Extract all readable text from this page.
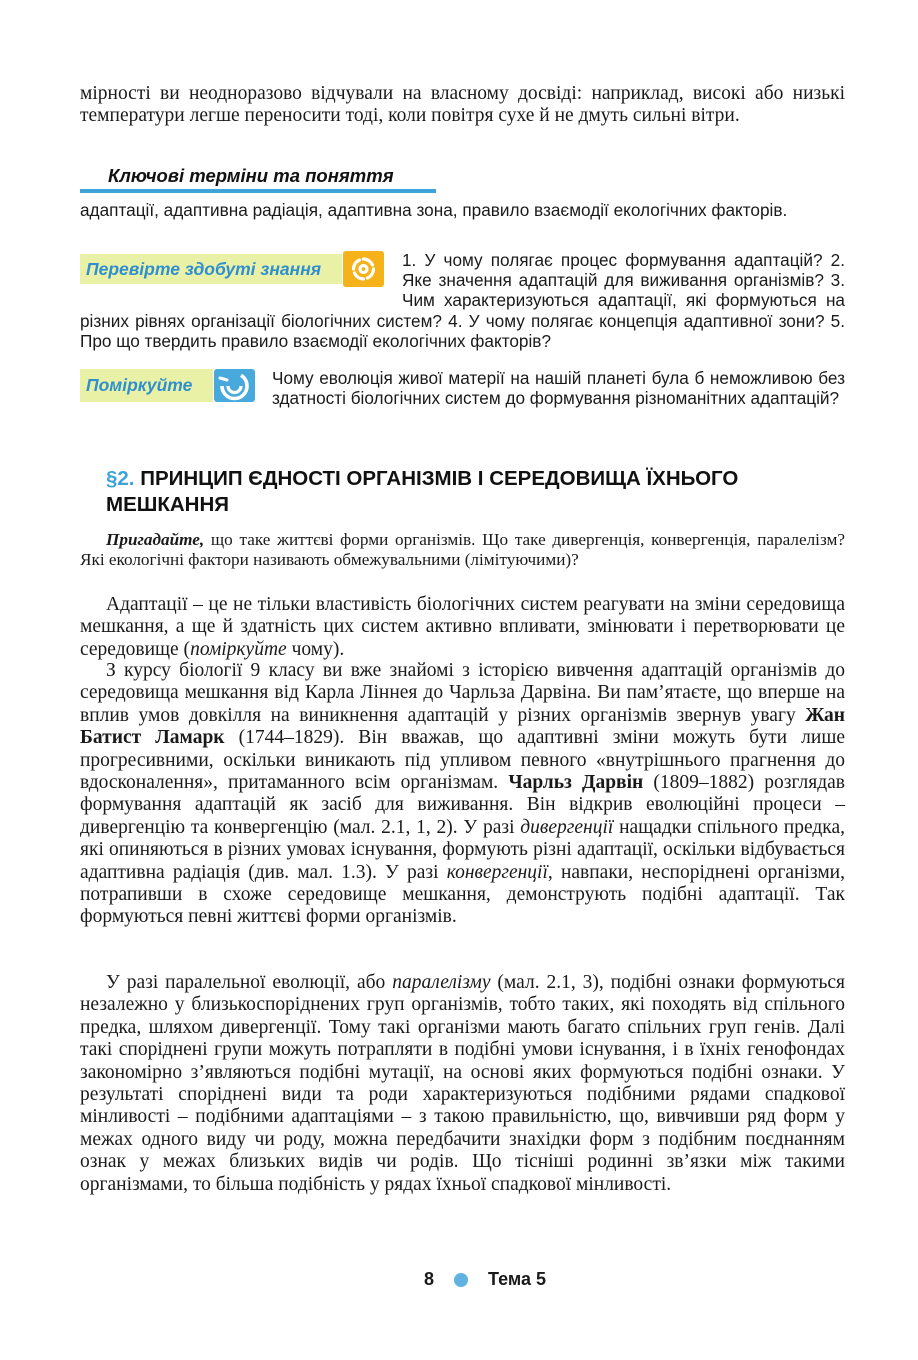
мірності ви неодноразово відчували на власному досвіді: наприклад, високі або низькі температури легше переносити тоді, коли повітря сухе й не дмуть сильні вітри.

Ключові терміни та поняття

адаптації, адаптивна радіація, адаптивна зона, правило взаємодії екологічних факторів.

Перевірте здобуті знання	1. У чому полягає процес формування адаптацій? 2. Яке значення адаптацій для виживання організмів? 3. Чим характеризуються адаптації, які формуються на різних рівнях організації біологічних систем? 4. У чому полягає концепція адаптивної зони? 5. Про що твердить правило взаємодії екологічних факторів?
Поміркуйте	Чому еволюція живої матерії на нашій планеті була б неможливою без здатності біологічних систем до формування різноманітних адаптацій?

§2. ПРИНЦИП ЄДНОСТІ ОРГАНІЗМІВ І СЕРЕДОВИЩА ЇХНЬОГО МЕШКАННЯ

Пригадайте, що таке життєві форми організмів. Що таке дивергенція, конвергенція, паралелізм? Які екологічні фактори називають обмежувальними (лімітуючими)?

Адаптації – це не тільки властивість біологічних систем реагувати на зміни середовища мешкання, а ще й здатність цих систем активно впливати, змінювати і перетворювати це середовище (поміркуйте чому).

З курсу біології 9 класу ви вже знайомі з історією вивчення адаптацій організмів до середовища мешкання від Карла Ліннея до Чарльза Дарвіна. Ви пам’ятаєте, що вперше на вплив умов довкілля на виникнення адаптацій у різних організмів звернув увагу Жан Батист Ламарк (1744–1829). Він вважав, що адаптивні зміни можуть бути лише прогресивними, оскільки виникають під упливом певного «внутрішнього прагнення до вдосконалення», притаманного всім організмам. Чарльз Дарвін (1809–1882) розглядав формування адаптацій як засіб для виживання. Він відкрив еволюційні процеси – дивергенцію та конвергенцію (мал. 2.1, 1, 2). У разі дивергенції нащадки спільного предка, які опиняються в різних умовах існування, формують різні адаптації, оскільки відбувається адаптивна радіація (див. мал. 1.3). У разі конвергенції, навпаки, неспоріднені організми, потрапивши в схоже середовище мешкання, демонструють подібні адаптації. Так формуються певні життєві форми організмів.

У разі паралельної еволюції, або паралелізму (мал. 2.1, 3), подібні ознаки формуються незалежно у близькоспоріднених груп організмів, тобто таких, які походять від спільного предка, шляхом дивергенції. Тому такі організми мають багато спільних груп генів. Далі такі споріднені групи можуть потрапляти в подібні умови існування, і в їхніх генофондах закономірно з’являються подібні мутації, на основі яких формуються подібні ознаки. У результаті споріднені види та роди характеризуються подібними рядами спадкової мінливості – подібними адаптаціями – з такою правильністю, що, вивчивши ряд форм у межах одного виду чи роду, можна передбачити знахідки форм з подібним поєднанням ознак у межах близьких видів чи родів. Що тісніші родинні зв’язки між такими організмами, то більша подібність у рядах їхньої спадкової мінливості.

8	Тема 5
